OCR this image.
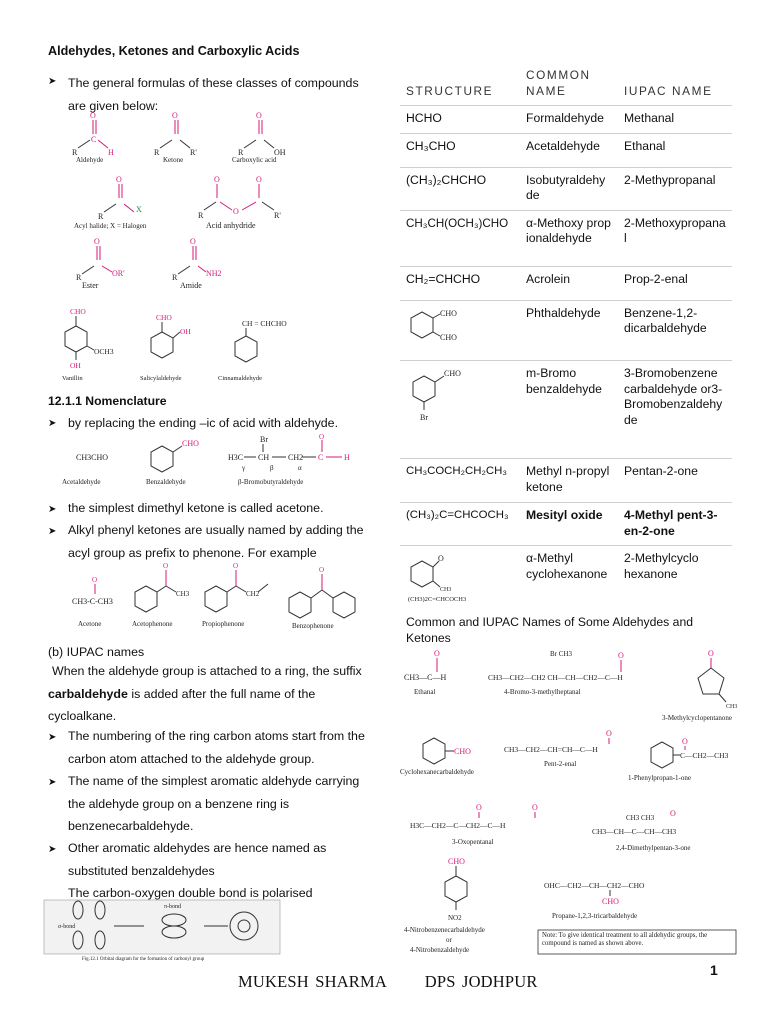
Aldehydes, Ketones and Carboxylic Acids
➤ The general formulas of these classes of compounds
are given below:
O
C
R	H
Aldehyde
O
R	R'
Ketone
O
R	OH
Carboxylic acid
O
R
X
Acyl halide; X = Halogen
O	O
O
R	R'
Acid anhydride
O
R	OR'
Ester
O
R	NH2
Amide
CHO
OCH3
OH
Vanillin
CHO
OH
Salicylaldehyde
CH = CHCHO
Cinnamaldehyde
12.1.1 Nomenclature
➤ by replacing the ending –ic of acid with aldehyde.
CH3CHO
Acetaldehyde
CHO
Benzaldehyde
Br
H3C CH CH2 C	H
O
γ	β	α
β-Bromobutyraldehyde
➤ the simplest dimethyl ketone is called acetone.
➤ Alkyl phenyl ketones are usually named by adding the
acyl group as prefix to phenone. For example
O
CH3-C-CH3
Acetone
O
CH3
Acetophenone
O
CH2
Propiophenone
O
Benzophenone
(b) IUPAC names
When the aldehyde group is attached to a ring, the suffix
carbaldehyde is added after the full name of the
cycloalkane.
➤ The numbering of the ring carbon atoms start from the
carbon atom attached to the aldehyde group.
➤ The name of the simplest aromatic aldehyde carrying
the aldehyde group on a benzene ring is
benzenecarbaldehyde.
➤ Other aromatic aldehydes are hence named as
substituted benzaldehydes
The carbon-oxygen double bond is polarised
σ-bond
π-bond
Fig.12.1 Orbital diagram for the formation of carbonyl group
STRUCTURE	COMMON NAME	IUPAC NAME
HCHO	Formaldehyde	Methanal
CH₃CHO	Acetaldehyde	Ethanal
(CH₃)₂CHCHO	Isobutyraldehyde	2-Methypropanal
CH₃CH(OCH₃)CHO	α-Methoxy propionaldehyde	2-Methoxypropanal
CH₂=CHCHO	Acrolein	Prop-2-enal

CHO
CHO	Phthaldehyde	Benzene-1,2-dicarbaldehyde

CHO
Br	m-Bromo benzaldehyde	3-Bromobenzene carbaldehyde or3-Bromobenzaldehyde
CH₃COCH₂CH₂CH₃	Methyl n-propyl ketone	Pentan-2-one
(CH₃)₂C=CHCOCH₃	Mesityl oxide	4-Methyl pent-3-en-2-one

O
CH3
(CH3)2C=CHCOCH3	α-Methyl cyclohexanone	2-Methylcyclo hexanone
Common and IUPAC Names of Some Aldehydes and Ketones
O
CH3—C—H
Ethanal
Br CH3
CH3—CH2—CH2 CH—CH—CH2—C—H
O
4-Bromo-3-methylheptanal
O
CH3
3-Methylcyclopentanone
CHO
Cyclohexanecarbaldehyde
O
CH3—CH2—CH=CH—C—H
Pent-2-enal
O
C—CH2—CH3
1-Phenylpropan-1-one
O	O
H3C—CH2—C—CH2—C—H
3-Oxopentanal
CH3 CH3 O
CH3—CH—C—CH—CH3
2,4-Dimethylpentan-3-one
CHO
NO2
4-Nitrobenzenecarbaldehyde
or
4-Nitrobenzaldehyde
OHC—CH2—CH—CH2—CHO
CHO
Propane-1,2,3-tricarbaldehyde
Note: To give identical treatment to all aldehydic groups, the compound is named as shown above.
MUKESH SHARMA DPS JODHPUR
1
